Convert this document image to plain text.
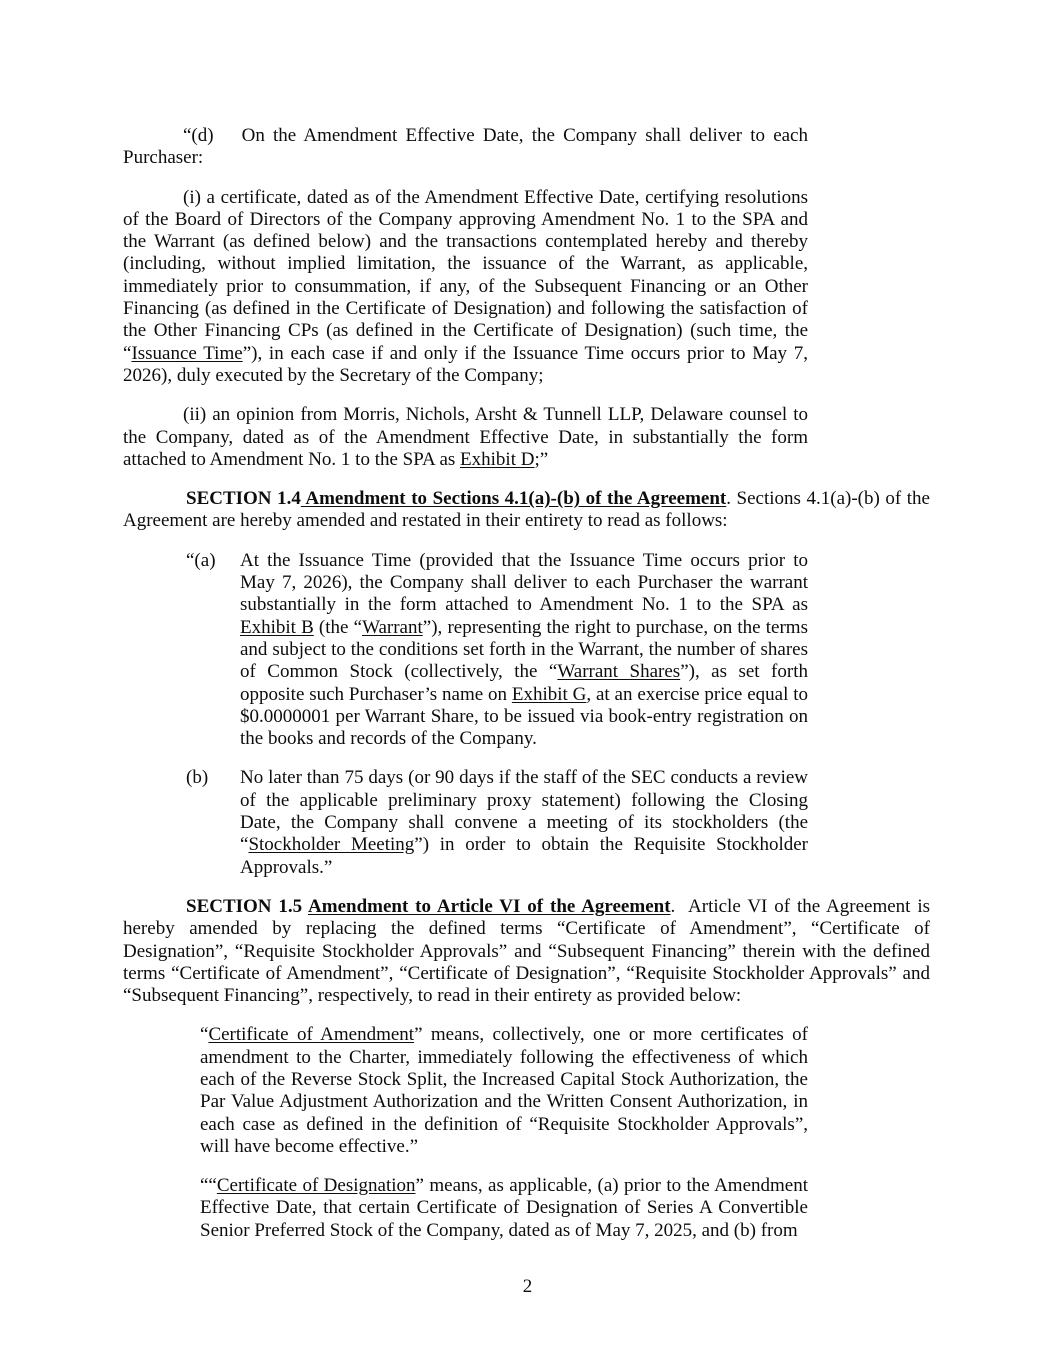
“(d) On the Amendment Effective Date, the Company shall deliver to each Purchaser:

(i) a certificate, dated as of the Amendment Effective Date, certifying resolutions of the Board of Directors of the Company approving Amendment No. 1 to the SPA and the Warrant (as defined below) and the transactions contemplated hereby and thereby (including, without implied limitation, the issuance of the Warrant, as applicable, immediately prior to consummation, if any, of the Subsequent Financing or an Other Financing (as defined in the Certificate of Designation) and following the satisfaction of the Other Financing CPs (as defined in the Certificate of Designation) (such time, the “Issuance Time”), in each case if and only if the Issuance Time occurs prior to May 7, 2026), duly executed by the Secretary of the Company;

(ii) an opinion from Morris, Nichols, Arsht & Tunnell LLP, Delaware counsel to the Company, dated as of the Amendment Effective Date, in substantially the form attached to Amendment No. 1 to the SPA as Exhibit D;”

SECTION 1.4 Amendment to Sections 4.1(a)-(b) of the Agreement. Sections 4.1(a)-(b) of the Agreement are hereby amended and restated in their entirety to read as follows:

“(a) At the Issuance Time (provided that the Issuance Time occurs prior to May 7, 2026), the Company shall deliver to each Purchaser the warrant substantially in the form attached to Amendment No. 1 to the SPA as Exhibit B (the “Warrant”), representing the right to purchase, on the terms and subject to the conditions set forth in the Warrant, the number of shares of Common Stock (collectively, the “Warrant Shares”), as set forth opposite such Purchaser’s name on Exhibit G, at an exercise price equal to $0.0000001 per Warrant Share, to be issued via book-entry registration on the books and records of the Company.
(b) No later than 75 days (or 90 days if the staff of the SEC conducts a review of the applicable preliminary proxy statement) following the Closing Date, the Company shall convene a meeting of its stockholders (the “Stockholder Meeting”) in order to obtain the Requisite Stockholder Approvals.”

SECTION 1.5 Amendment to Article VI of the Agreement.  Article VI of the Agreement is hereby amended by replacing the defined terms “Certificate of Amendment”, “Certificate of Designation”, “Requisite Stockholder Approvals” and “Subsequent Financing” therein with the defined terms “Certificate of Amendment”, “Certificate of Designation”, “Requisite Stockholder Approvals” and “Subsequent Financing”, respectively, to read in their entirety as provided below:

“Certificate of Amendment” means, collectively, one or more certificates of amendment to the Charter, immediately following the effectiveness of which each of the Reverse Stock Split, the Increased Capital Stock Authorization, the Par Value Adjustment Authorization and the Written Consent Authorization, in each case as defined in the definition of “Requisite Stockholder Approvals”, will have become effective.”

““Certificate of Designation” means, as applicable, (a) prior to the Amendment Effective Date, that certain Certificate of Designation of Series A Convertible Senior Preferred Stock of the Company, dated as of May 7, 2025, and (b) from

2
